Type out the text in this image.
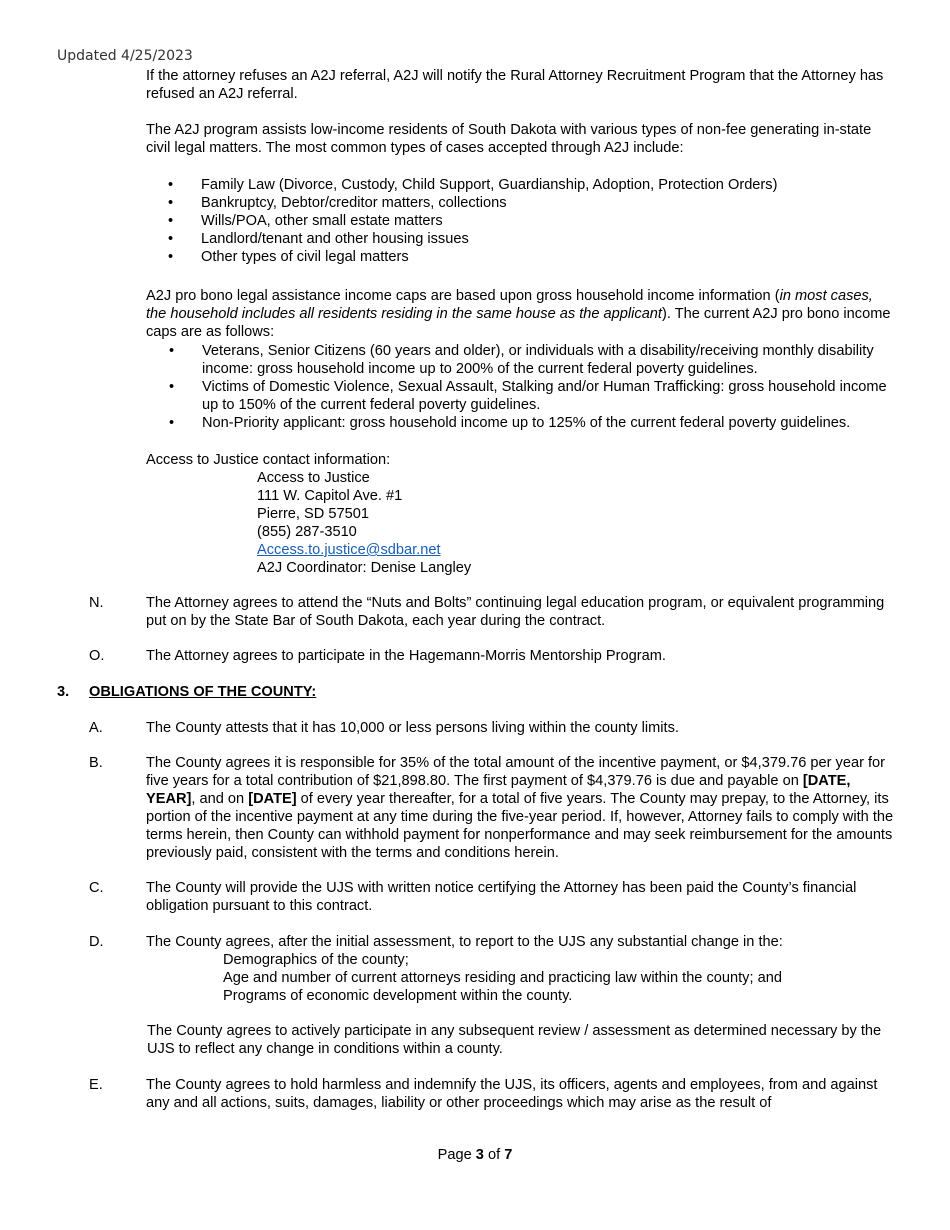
Updated 4/25/2023

If the attorney refuses an A2J referral, A2J will notify the Rural Attorney Recruitment Program that the Attorney has refused an A2J referral.

The A2J program assists low-income residents of South Dakota with various types of non-fee generating in-state civil legal matters. The most common types of cases accepted through A2J include:

• Family Law (Divorce, Custody, Child Support, Guardianship, Adoption, Protection Orders)
• Bankruptcy, Debtor/creditor matters, collections
• Wills/POA, other small estate matters
• Landlord/tenant and other housing issues
• Other types of civil legal matters

A2J pro bono legal assistance income caps are based upon gross household income information (in most cases, the household includes all residents residing in the same house as the applicant). The current A2J pro bono income caps are as follows:

• Veterans, Senior Citizens (60 years and older), or individuals with a disability/receiving monthly disability income: gross household income up to 200% of the current federal poverty guidelines.
• Victims of Domestic Violence, Sexual Assault, Stalking and/or Human Trafficking: gross household income up to 150% of the current federal poverty guidelines.
• Non-Priority applicant: gross household income up to 125% of the current federal poverty guidelines.
Access to Justice contact information:
Access to Justice
111 W. Capitol Ave. #1
Pierre, SD 57501
(855) 287-3510
Access.to.justice@sdbar.net
A2J Coordinator: Denise Langley
N.	The Attorney agrees to attend the “Nuts and Bolts” continuing legal education program, or equivalent programming put on by the State Bar of South Dakota, each year during the contract.

O.	The Attorney agrees to participate in the Hagemann-Morris Mentorship Program.

3. OBLIGATIONS OF THE COUNTY:
A.	The County attests that it has 10,000 or less persons living within the county limits.

B.	The County agrees it is responsible for 35% of the total amount of the incentive payment, or $4,379.76 per year for five years for a total contribution of $21,898.80. The first payment of $4,379.76 is due and payable on [DATE, YEAR], and on [DATE] of every year thereafter, for a total of five years. The County may prepay, to the Attorney, its portion of the incentive payment at any time during the five-year period. If, however, Attorney fails to comply with the terms herein, then County can withhold payment for nonperformance and may seek reimbursement for the amounts previously paid, consistent with the terms and conditions herein.

C.	The County will provide the UJS with written notice certifying the Attorney has been paid the County’s financial obligation pursuant to this contract.

D.	The County agrees, after the initial assessment, to report to the UJS any substantial change in the:

Demographics of the county;
Age and number of current attorneys residing and practicing law within the county; and
Programs of economic development within the county.

The County agrees to actively participate in any subsequent review / assessment as determined necessary by the UJS to reflect any change in conditions within a county.

E.	The County agrees to hold harmless and indemnify the UJS, its officers, agents and employees, from and against any and all actions, suits, damages, liability or other proceedings which may arise as the result of

Page 3 of 7
